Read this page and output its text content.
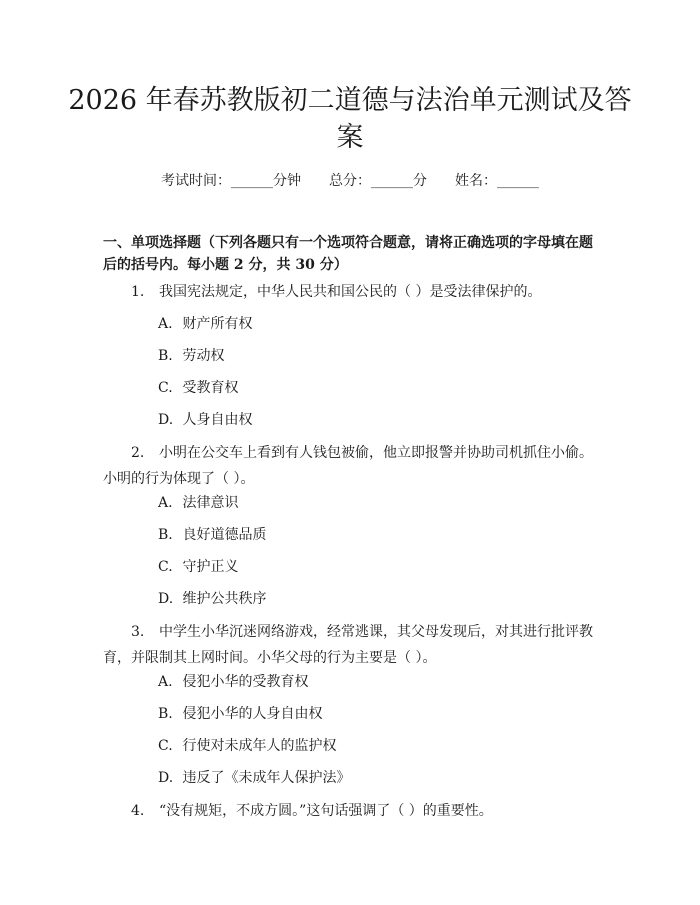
2026 年春苏教版初二道德与法治单元测试及答案
考试时间：______分钟 总分：______分 姓名：______

一、单项选择题（下列各题只有一个选项符合题意，请将正确选项的字母填在题后的括号内。每小题 2 分，共 30 分）

1. 我国宪法规定，中华人民共和国公民的（ ）是受法律保护的。

A. 财产所有权

B. 劳动权

C. 受教育权

D. 人身自由权

2. 小明在公交车上看到有人钱包被偷，他立即报警并协助司机抓住小偷。小明的行为体现了（ ）。

A. 法律意识

B. 良好道德品质

C. 守护正义

D. 维护公共秩序

3. 中学生小华沉迷网络游戏，经常逃课，其父母发现后，对其进行批评教育，并限制其上网时间。小华父母的行为主要是（ ）。

A. 侵犯小华的受教育权

B. 侵犯小华的人身自由权

C. 行使对未成年人的监护权

D. 违反了《未成年人保护法》

4. “没有规矩，不成方圆。”这句话强调了（ ）的重要性。
